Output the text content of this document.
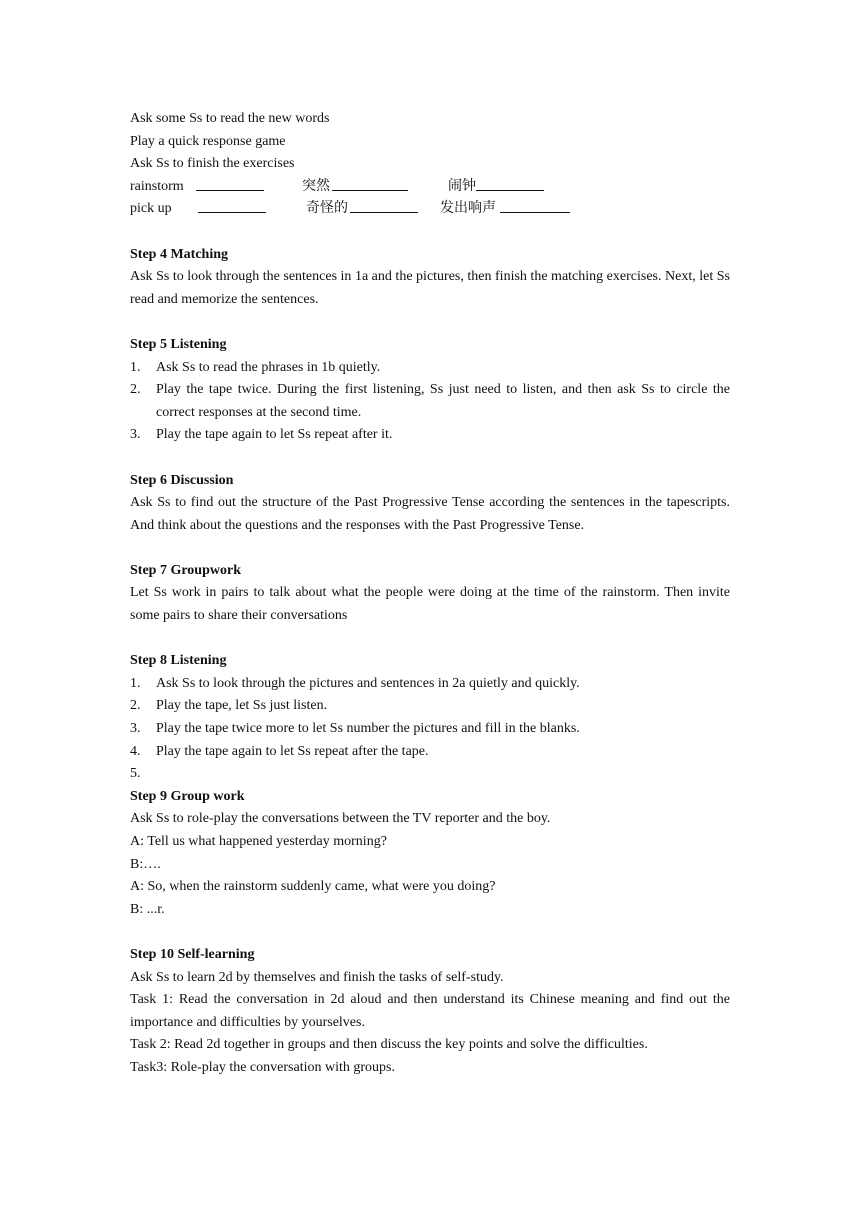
Ask some Ss to read the new words
Play a quick response game
Ask Ss to finish the exercises
rainstorm	突然	闹钟
pick up	奇怪的	发出响声
Step 4 Matching
Ask Ss to look through the sentences in 1a and the pictures, then finish the matching exercises. Next, let Ss read and memorize the sentences.
Step 5 Listening
1.	Ask Ss to read the phrases in 1b quietly.
2.	Play the tape twice. During the first listening, Ss just need to listen, and then ask Ss to circle the correct responses at the second time.
3.	Play the tape again to let Ss repeat after it.
Step 6 Discussion
Ask Ss to find out the structure of the Past Progressive Tense according the sentences in the tapescripts. And think about the questions and the responses with the Past Progressive Tense.
Step 7 Groupwork
Let Ss work in pairs to talk about what the people were doing at the time of the rainstorm. Then invite some pairs to share their conversations
Step 8 Listening
1.	Ask Ss to look through the pictures and sentences in 2a quietly and quickly.
2.	Play the tape, let Ss just listen.
3.	Play the tape twice more to let Ss number the pictures and fill in the blanks.
4.	Play the tape again to let Ss repeat after the tape.
5.
Step 9 Group work
Ask Ss to role-play the conversations between the TV reporter and the boy.
A: Tell us what happened yesterday morning?
B:….
A: So, when the rainstorm suddenly came, what were you doing?
B: ...r.
Step 10 Self-learning
Ask Ss to learn 2d by themselves and finish the tasks of self-study.
Task 1: Read the conversation in 2d aloud and then understand its Chinese meaning and find out the importance and difficulties by yourselves.
Task 2: Read 2d together in groups and then discuss the key points and solve the difficulties.
Task3: Role-play the conversation with groups.
